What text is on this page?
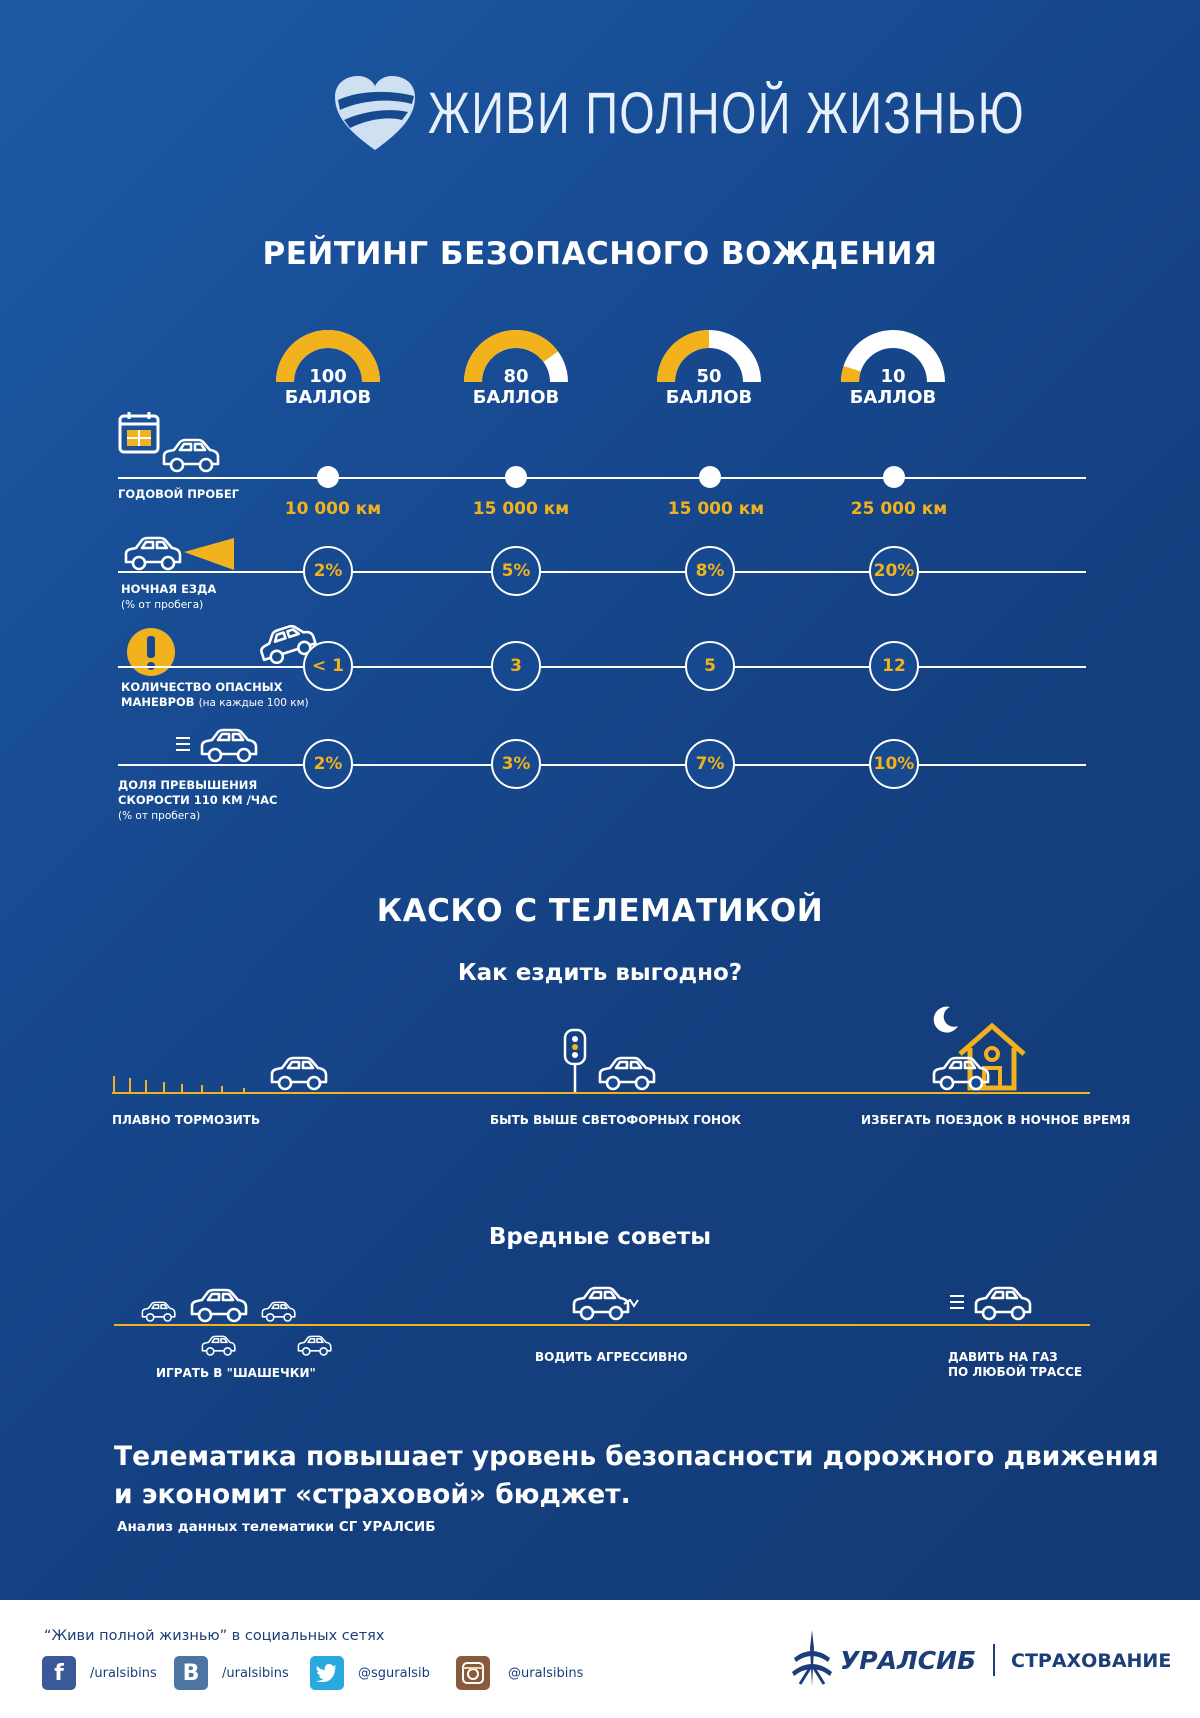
ЖИВИ ПОЛНОЙ ЖИЗНЬЮ
РЕЙТИНГ БЕЗОПАСНОГО ВОЖДЕНИЯ
100
БАЛЛОВ
80
БАЛЛОВ
50
БАЛЛОВ
10
БАЛЛОВ
ГОДОВОЙ ПРОБЕГ
10 000 км	15 000 км	15 000 км	25 000 км
НОЧНАЯ ЕЗДА
(% от пробега)
2%	5%	8%	20%
КОЛИЧЕСТВО ОПАСНЫХ
МАНЕВРОВ (на каждые 100 км)
< 1	3	5	12
ДОЛЯ ПРЕВЫШЕНИЯ
СКОРОСТИ 110 КМ /ЧАС
(% от пробега)
2%	3%	7%	10%
КАСКО С ТЕЛЕМАТИКОЙ
Как ездить выгодно?
ПЛАВНО ТОРМОЗИТЬ	БЫТЬ ВЫШЕ СВЕТОФОРНЫХ ГОНОК	ИЗБЕГАТЬ ПОЕЗДОК В НОЧНОЕ ВРЕМЯ
Вредные советы
ИГРАТЬ В "ШАШЕЧКИ"
ВОДИТЬ АГРЕССИВНО	ДАВИТЬ НА ГАЗ
ПО ЛЮБОЙ ТРАССЕ
Телематика повышает уровень безопасности дорожного движения
и экономит «страховой» бюджет.
Анализ данных телематики СГ УРАЛСИБ
“Живи полной жизнью” в социальных сетях
f	/uralsibins	B	/uralsibins	@sguralsib	@uralsibins	УРАЛСИБ СТРАХОВАНИЕ
